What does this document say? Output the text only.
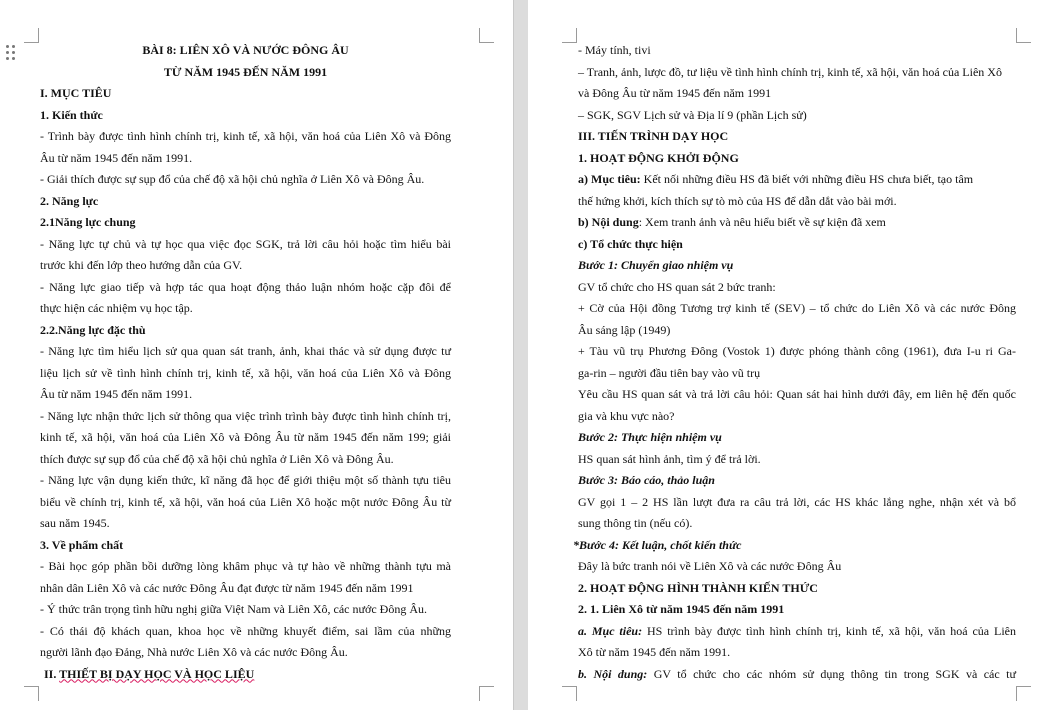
BÀI 8: LIÊN XÔ VÀ NƯỚC ĐÔNG ÂU
TỪ NĂM 1945 ĐẾN NĂM 1991
I. MỤC TIÊU
1. Kiến thức
- Trình bày được tình hình chính trị, kinh tế, xã hội, văn hoá của Liên Xô và Đông
Âu từ năm 1945 đến năm 1991.
- Giải thích được sự sụp đổ của chế độ xã hội chủ nghĩa ở Liên Xô và Đông Âu.
2. Năng lực
2.1Năng lực chung
- Năng lực tự chủ và tự học qua việc đọc SGK, trả lời câu hỏi hoặc tìm hiểu bài
trước khi đến lớp theo hướng dẫn của GV.
- Năng lực giao tiếp và hợp tác qua hoạt động thảo luận nhóm hoặc cặp đôi để
thực hiện các nhiệm vụ học tập.
2.2.Năng lực đặc thù
- Năng lực tìm hiểu lịch sử qua quan sát tranh, ảnh, khai thác và sử dụng được tư
liệu lịch sử về tình hình chính trị, kinh tế, xã hội, văn hoá của Liên Xô và Đông
Âu từ năm 1945 đến năm 1991.
- Năng lực nhận thức lịch sử thông qua việc trình trình bày được tình hình chính trị,
kinh tế, xã hội, văn hoá của Liên Xô và Đông Âu từ năm 1945 đến năm 199; giải
thích được sự sụp đổ của chế độ xã hội chủ nghĩa ở Liên Xô và Đông Âu.
- Năng lực vận dụng kiến thức, kĩ năng đã học để giới thiệu một số thành tựu tiêu
biểu về chính trị, kinh tế, xã hội, văn hoá của Liên Xô hoặc một nước Đông Âu từ
sau năm 1945.
3. Về phẩm chất
- Bài học góp phần bồi dưỡng lòng khâm phục và tự hào về những thành tựu mà
nhân dân Liên Xô và các nước Đông Âu đạt được từ năm 1945 đến năm 1991
- Ý thức trân trọng tình hữu nghị giữa Việt Nam và Liên Xô, các nước Đông Âu.
- Có thái độ khách quan, khoa học về những khuyết điểm, sai lầm của những
người lãnh đạo Đảng, Nhà nước Liên Xô và các nước Đông Âu.
II. THIẾT BỊ DẠY HỌC VÀ HỌC LIỆU
- Máy tính, tivi
– Tranh, ảnh, lược đồ, tư liệu về tình hình chính trị, kinh tế, xã hội, văn hoá của Liên Xô
và Đông Âu từ năm 1945 đến năm 1991
– SGK, SGV Lịch sử và Địa lí 9 (phần Lịch sử)
III. TIẾN TRÌNH DẠY HỌC
1. HOẠT ĐỘNG KHỞI ĐỘNG
a) Mục tiêu: Kết nối những điều HS đã biết với những điều HS chưa biết, tạo tâm
thế hứng khởi, kích thích sự tò mò của HS để dẫn dắt vào bài mới.
b) Nội dung: Xem tranh ảnh và nêu hiểu biết về sự kiện đã xem
c) Tổ chức thực hiện
Bước 1: Chuyển giao nhiệm vụ
GV tổ chức cho HS quan sát 2 bức tranh:
+ Cờ của Hội đồng Tương trợ kinh tế (SEV) – tổ chức do Liên Xô và các nước Đông
Âu sáng lập (1949)
+ Tàu vũ trụ Phương Đông (Vostok 1) được phóng thành công (1961), đưa I-u ri Ga-
ga-rin – người đầu tiên bay vào vũ trụ
Yêu cầu HS quan sát và trả lời câu hỏi: Quan sát hai hình dưới đây, em liên hệ đến quốc
gia và khu vực nào?
Bước 2: Thực hiện nhiệm vụ
HS quan sát hình ảnh, tìm ý để trả lời.
Bước 3: Báo cáo, thảo luận
GV gọi 1 – 2 HS lần lượt đưa ra câu trả lời, các HS khác lắng nghe, nhận xét và bổ
sung thông tin (nếu có).
*Bước 4: Kết luận, chốt kiến thức
Đây là bức tranh nói về Liên Xô và các nước Đông Âu
2. HOẠT ĐỘNG HÌNH THÀNH KIẾN THỨC
2. 1. Liên Xô từ năm 1945 đến năm 1991
a. Mục tiêu: HS trình bày được tình hình chính trị, kinh tế, xã hội, văn hoá của Liên
Xô từ năm 1945 đến năm 1991.
b. Nội dung: GV tổ chức cho các nhóm sử dụng thông tin trong SGK và các tư
